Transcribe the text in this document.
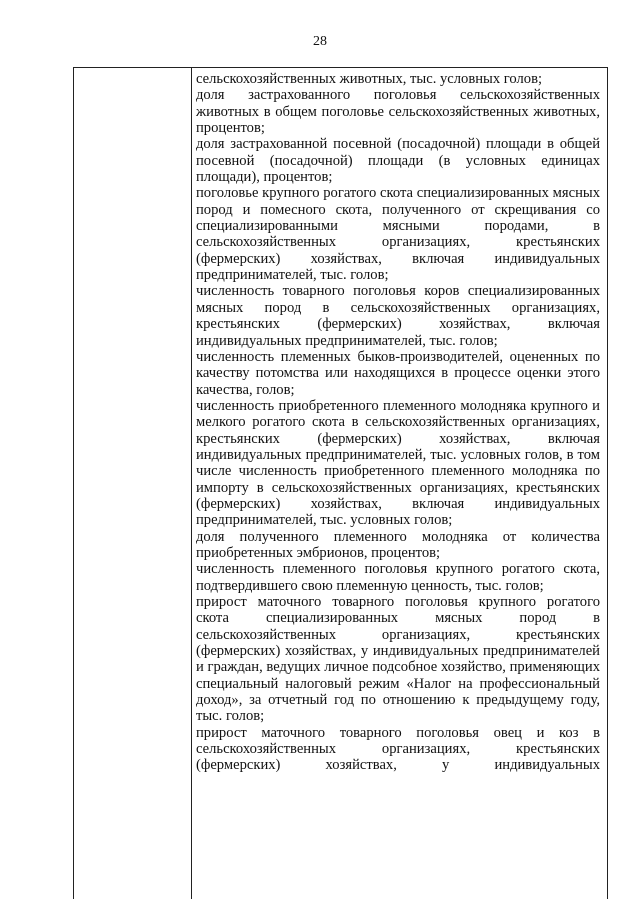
28

сельскохозяйственных животных, тыс. условных голов;

доля застрахованного поголовья сельскохозяйственных животных в общем поголовье сельскохозяйственных животных, процентов;

доля застрахованной посевной (посадочной) площади в общей посевной (посадочной) площади (в условных единицах площади), процентов;

поголовье крупного рогатого скота специализированных мясных пород и помесного скота, полученного от скрещивания со специализированными мясными породами, в сельскохозяйственных организациях, крестьянских (фермерских) хозяйствах, включая индивидуальных предпринимателей, тыс. голов;

численность товарного поголовья коров специализированных мясных пород в сельскохозяйственных организациях, крестьянских (фермерских) хозяйствах, включая индивидуальных предпринимателей, тыс. голов;

численность племенных быков-производителей, оцененных по качеству потомства или находящихся в процессе оценки этого качества, голов;

численность приобретенного племенного молодняка крупного и мелкого рогатого скота в сельскохозяйственных организациях, крестьянских (фермерских) хозяйствах, включая индивидуальных предпринимателей, тыс. условных голов, в том числе численность приобретенного племенного молодняка по импорту в сельскохозяйственных организациях, крестьянских (фермерских) хозяйствах, включая индивидуальных предпринимателей, тыс. условных голов;

доля полученного племенного молодняка от количества приобретенных эмбрионов, процентов;

численность племенного поголовья крупного рогатого скота, подтвердившего свою племенную ценность, тыс. голов;

прирост маточного товарного поголовья крупного рогатого скота специализированных мясных пород в сельскохозяйственных организациях, крестьянских (фермерских) хозяйствах, у индивидуальных предпринимателей и граждан, ведущих личное подсобное хозяйство, применяющих специальный налоговый режим «Налог на профессиональный доход», за отчетный год по отношению к предыдущему году, тыс. голов;

прирост маточного товарного поголовья овец и коз в сельскохозяйственных организациях, крестьянских (фермерских) хозяйствах, у индивидуальных
